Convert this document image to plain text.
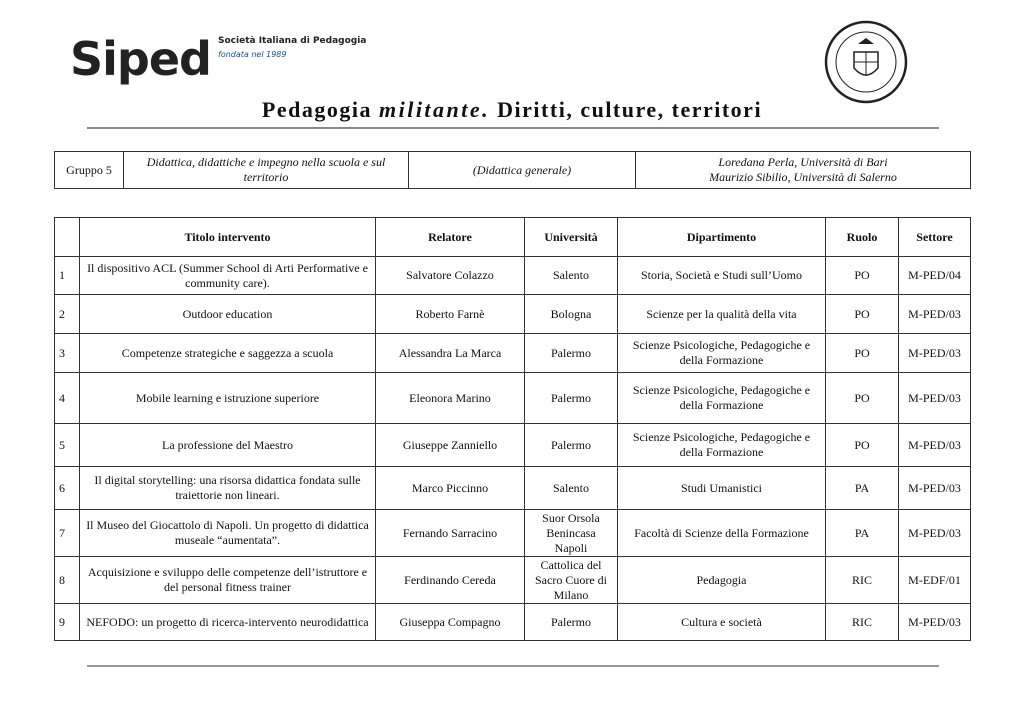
Siped Società Italiana di Pedagogia
fondata nel 1989
Pedagogia militante. Diritti, culture, territori
Gruppo 5	Didattica, didattiche e impegno nella scuola e sul territorio	(Didattica generale)	
Loredana Perla, Università di Bari
Maurizio Sibilio, Università di Salerno
	Titolo intervento	Relatore	Università	Dipartimento	Ruolo	Settore
1	Il dispositivo ACL (Summer School di Arti Performative e community care).	Salvatore Colazzo	Salento	Storia, Società e Studi sull’Uomo	PO	M-PED/04
2	Outdoor education	Roberto Farnè	Bologna	Scienze per la qualità della vita	PO	M-PED/03
3	Competenze strategiche e saggezza a scuola	Alessandra La Marca	Palermo	Scienze Psicologiche, Pedagogiche e della Formazione	PO	M-PED/03
4	Mobile learning e istruzione superiore	Eleonora Marino	Palermo	Scienze Psicologiche, Pedagogiche e della Formazione	PO	M-PED/03
5	La professione del Maestro	Giuseppe Zanniello	Palermo	Scienze Psicologiche, Pedagogiche e della Formazione	PO	M-PED/03
6	Il digital storytelling: una risorsa didattica fondata sulle traiettorie non lineari.	Marco Piccinno	Salento	Studi Umanistici	PA	M-PED/03
7	Il Museo del Giocattolo di Napoli. Un progetto di didattica museale “aumentata”.	Fernando Sarracino	Suor Orsola Benincasa Napoli	Facoltà di Scienze della Formazione	PA	M-PED/03
8	Acquisizione e sviluppo delle competenze dell’istruttore e del personal fitness trainer	Ferdinando Cereda	Cattolica del Sacro Cuore di Milano	Pedagogia	RIC	M-EDF/01
9	NEFODO: un progetto di ricerca-intervento neurodidattica	Giuseppa Compagno	Palermo	Cultura e società	RIC	M-PED/03
